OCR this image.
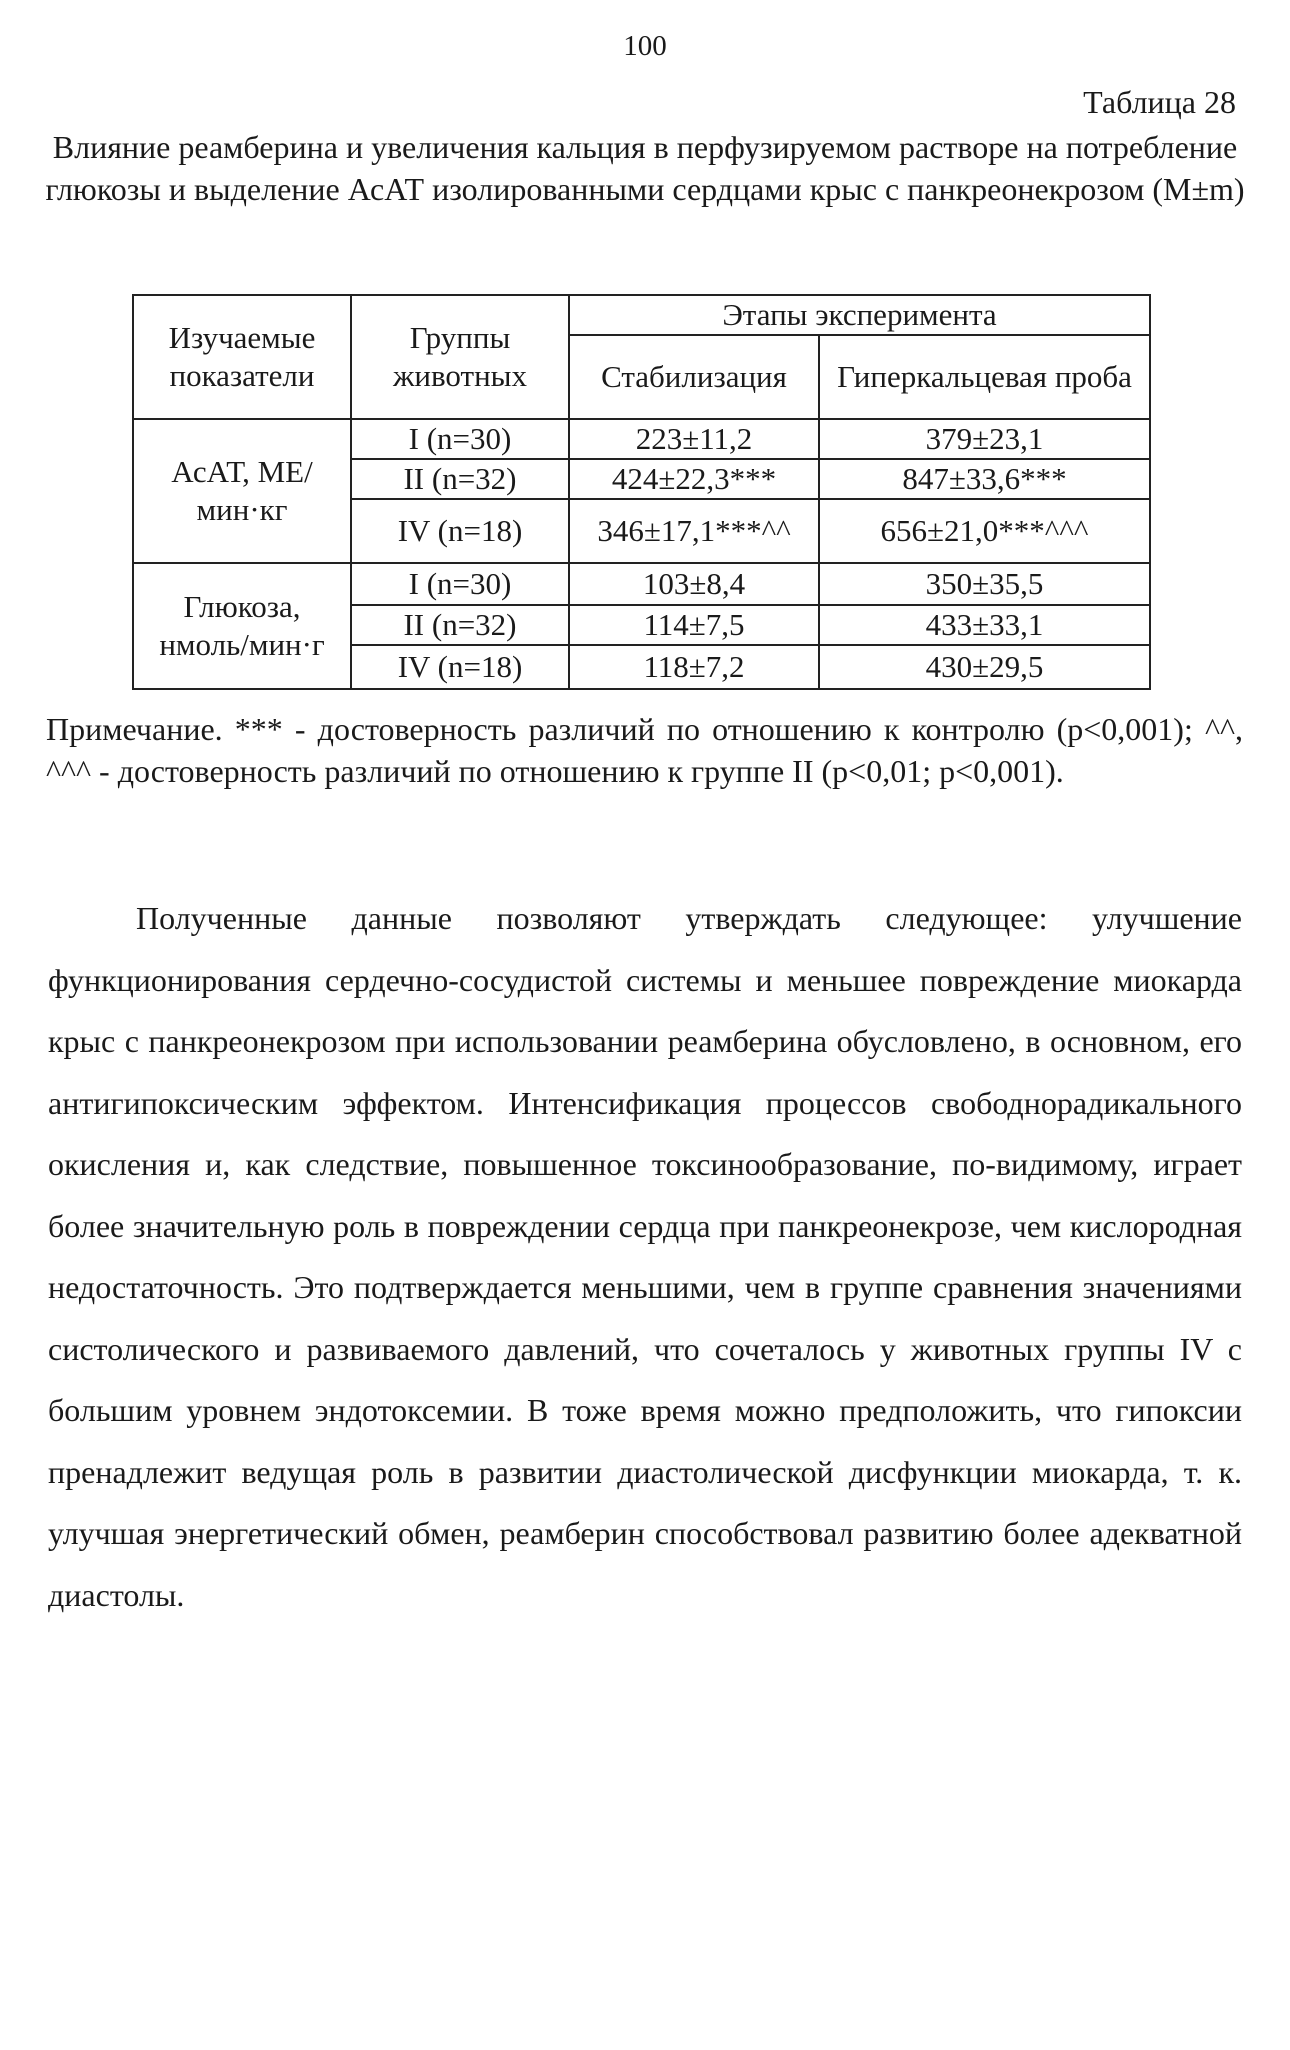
100
Таблица 28
Влияние реамберина и увеличения кальция в перфузируемом растворе на потребление глюкозы и выделение АсАТ изолированными сердцами крыс с панкреонекрозом (M±m)
Изучаемые показатели	Группы животных	Этапы эксперимента	
		Стабилизация	Гиперкальцевая проба
АсАТ, МЕ/мин·кг	I (n=30)	223±11,2	379±23,1
	II (n=32)	424±22,3***	847±33,6***
	IV (n=18)	346±17,1***^^	656±21,0***^^^
Глюкоза, нмоль/мин·г	I (n=30)	103±8,4	350±35,5
	II (n=32)	114±7,5	433±33,1
	IV (n=18)	118±7,2	430±29,5
Примечание. *** - достоверность различий по отношению к контролю (p<0,001); ^^, ^^^ - достоверность различий по отношению к группе II (p<0,01; p<0,001).
Полученные данные позволяют утверждать следующее: улучшение функционирования сердечно-сосудистой системы и меньшее повреждение миокарда крыс с панкреонекрозом при использовании реамберина обусловлено, в основном, его антигипоксическим эффектом. Интенсификация процессов свободнорадикального окисления и, как следствие, повышенное токсинообразование, по-видимому, играет более значительную роль в повреждении сердца при панкреонекрозе, чем кислородная недостаточность. Это подтверждается меньшими, чем в группе сравнения значениями систолического и развиваемого давлений, что сочеталось у животных группы IV с большим уровнем эндотоксемии. В тоже время можно предположить, что гипоксии пренадлежит ведущая роль в развитии диастолической дисфункции миокарда, т. к. улучшая энергетический обмен, реамберин способствовал развитию более адекватной диастолы.
